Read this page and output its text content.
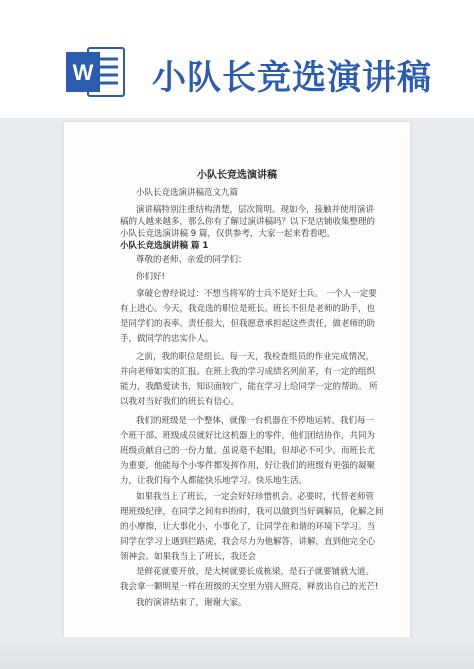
W 小队长竞选演讲稿
小队长竞选演讲稿
小队长竞选演讲稿范文九篇
演讲稿特别注重结构清楚，层次简明。现如今，接触并使用演讲
稿的人越来越多，那么你有了解过演讲稿吗？以下是店铺收集整理的
小队长竞选演讲稿 9 篇，仅供参考，大家一起来看看吧。
小队长竞选演讲稿 篇 1
尊敬的老师、亲爱的同学们：
你们好!
拿破仑曾经说过：不想当将军的士兵不是好士兵。 一个人一定要
有上进心。今天，我竞选的职位是班长。班长不但是老师的助手，也
是同学们的表率。责任很大，但我愿意承担起这些责任，做老师的助
手，做同学的忠实仆人。
之前，我的职位是组长。每一天，我检查组员的作业完成情况，
并向老师如实的汇报。在班上我的学习成绩名列前茅，有一定的组织
能力，我酷爱读书，知识面较广，能在学习上给同学一定的帮助。 所
以我对当好我们的班长有信心。
我们的班级是一个整体，就像一台机器在不停地运转。我们每一
个班干部、班级成员就好比这机器上的零件，他们团结协作，共同为
班级贡献自己的一份力量。虽说毫不起眼，但却必不可少。而班长尤
为重要，他能每个小零件都发挥作用，好让我们的班级有更强的凝聚
力，让我们每个人都能快乐地学习、快乐地生活。
如果我当上了班长，一定会好好珍惜机会。必要时，代替老师管
理班级纪律，在同学之间有纠纷时，我可以做到当好调解员，化解之间
的小摩擦，让大事化小，小事化了，让同学在和谐的环境下学习。当
同学在学习上遇到拦路虎，我会尽力为他解答，讲解，直到他完全心
领神会。如果我当上了班长，我还会
是鲜花就要开放，是大树就要长成栋梁，是石子就要铺就大道。
我会拿一颗明星一样在班级的天空里为别人照亮，释放出自己的光芒!
我的演讲结束了，谢谢大家。
